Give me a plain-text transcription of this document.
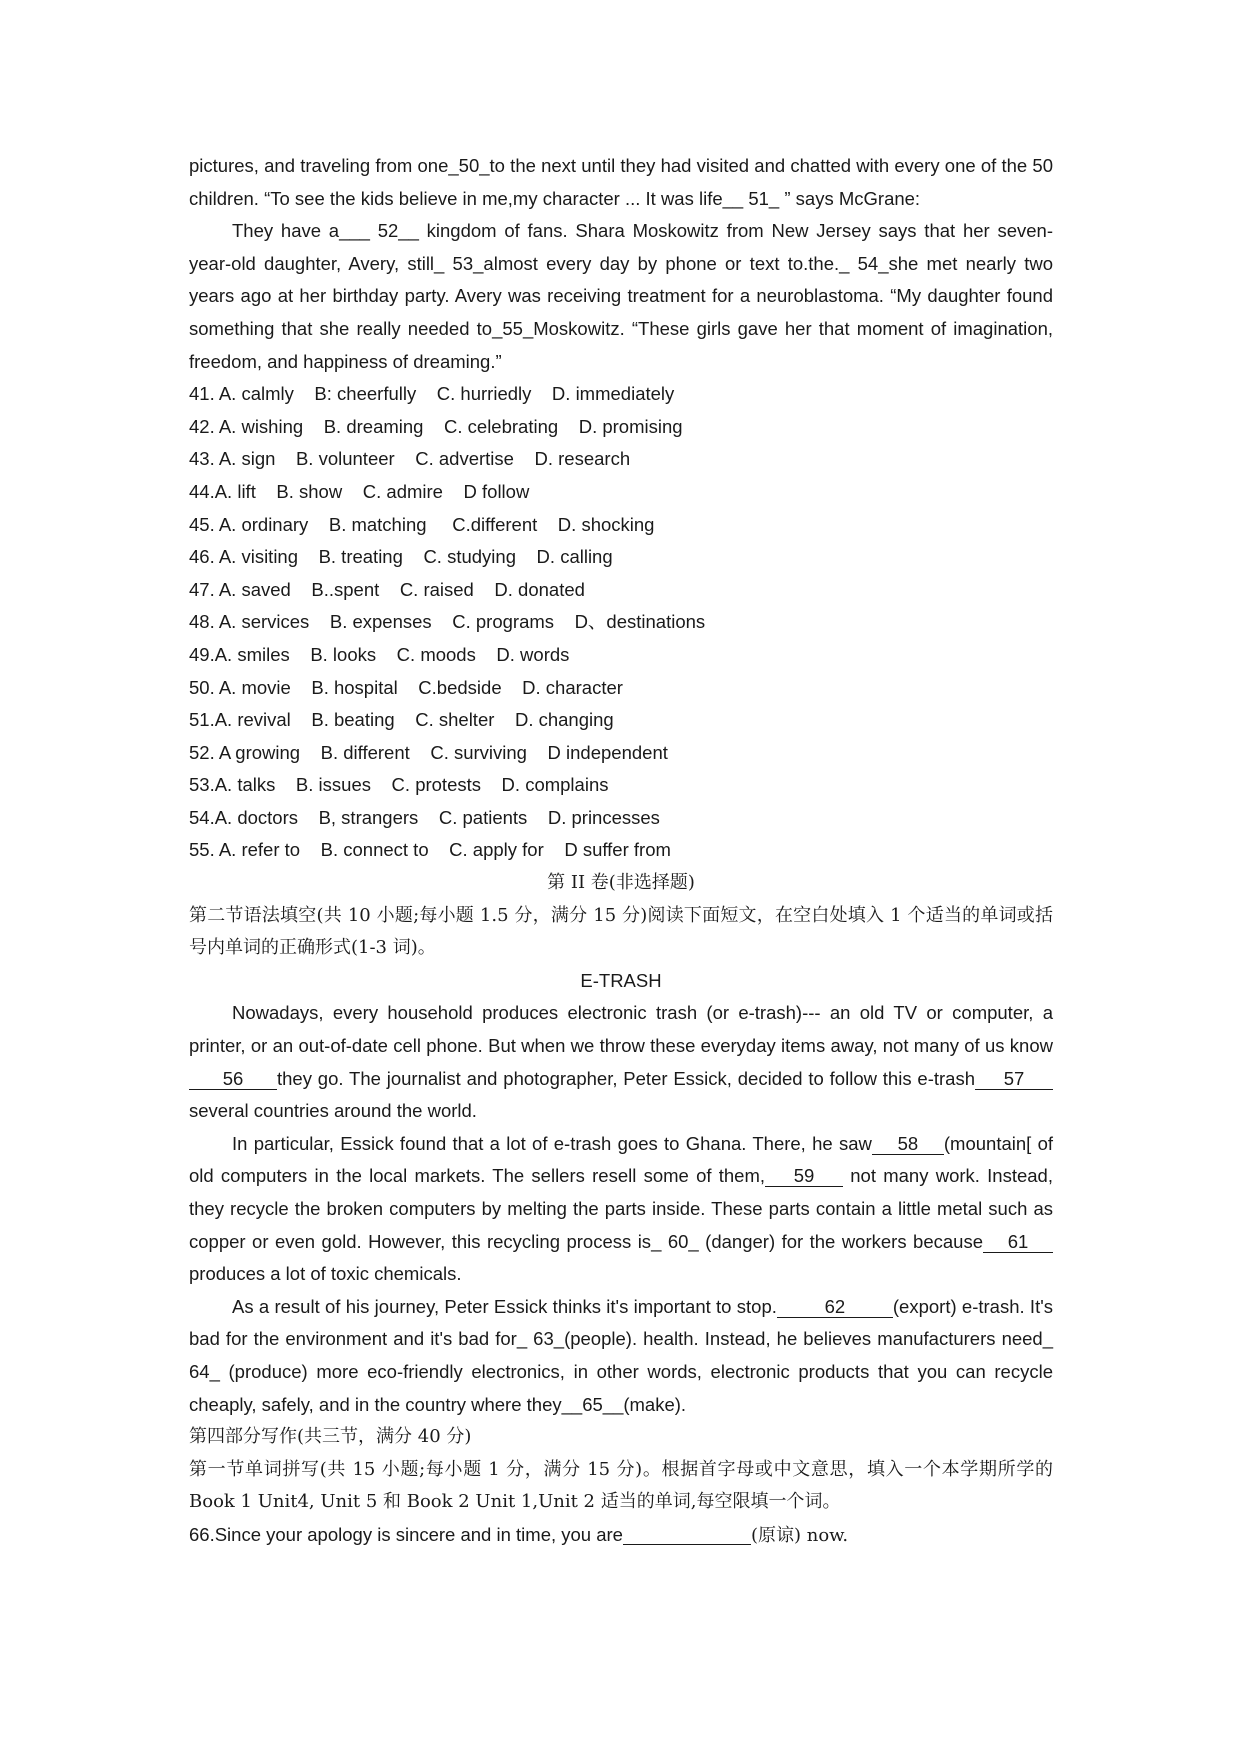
pictures, and traveling from one_50_to the next until they had visited and chatted with every one of the 50 children. “To see the kids believe in me,my character ... It was life__ 51_ ” says McGrane:

They have a___ 52__ kingdom of fans. Shara Moskowitz from New Jersey says that her seven-year-old daughter, Avery, still_ 53_almost every day by phone or text to.the._ 54_she met nearly two years ago at her birthday party. Avery was receiving treatment for a neuroblastoma. “My daughter found something that she really needed to_55_Moskowitz. “These girls gave her that moment of imagination, freedom, and happiness of dreaming.”

41. A. calmly    B: cheerfully    C. hurriedly    D. immediately

42. A. wishing    B. dreaming    C. celebrating    D. promising

43. A. sign    B. volunteer    C. advertise    D. research

44.A. lift    B. show    C. admire    D follow

45. A. ordinary    B. matching     C.different    D. shocking

46. A. visiting    B. treating    C. studying    D. calling

47. A. saved    B..spent    C. raised    D. donated

48. A. services    B. expenses    C. programs    D、destinations

49.A. smiles    B. looks    C. moods    D. words

50. A. movie    B. hospital    C.bedside    D. character

51.A. revival    B. beating    C. shelter    D. changing

52. A growing    B. different    C. surviving    D independent

53.A. talks    B. issues    C. protests    D. complains

54.A. doctors    B, strangers    C. patients    D. princesses

55. A. refer to    B. connect to    C. apply for    D suffer from

第 II 卷(非选择题)

第二节语法填空(共 10 小题;每小题 1.5 分，满分 15 分)阅读下面短文，在空白处填入 1 个适当的单词或括号内单词的正确形式(1-3 词)。

E-TRASH

Nowadays, every household produces electronic trash (or e-trash)--- an old TV or computer, a printer, or an out-of-date cell phone. But when we throw these everyday items away, not many of us know56 they go. The journalist and photographer, Peter Essick, decided to follow this e-trash 57several countries around the world.

In particular, Essick found that a lot of e-trash goes to Ghana. There, he saw 58 (mountain[ of old computers in the local markets. The sellers resell some of them, 59 not many work. Instead, they recycle the broken computers by melting the parts inside. These parts contain a little metal such as copper or even gold. However, this recycling process is_ 60_ (danger) for the workers because 61produces a lot of toxic chemicals.

As a result of his journey, Peter Essick thinks it's important to stop.	62	(export) e-trash. It's bad for the environment and it's bad for_ 63_(people). health. Instead, he believes manufacturers need_ 64_ (produce) more eco-friendly electronics, in other words, electronic products that you can recycle cheaply, safely, and in the country where they__65__(make).

第四部分写作(共三节，满分 40 分)

第一节单词拼写(共 15 小题;每小题 1 分，满分 15 分)。根据首字母或中文意思，填入一个本学期所学的 Book 1 Unit4, Unit 5 和 Book 2 Unit 1,Unit 2 适当的单词,每空限填一个词。

66.Since your apology is sincere and in time, you are	(原谅) now.
